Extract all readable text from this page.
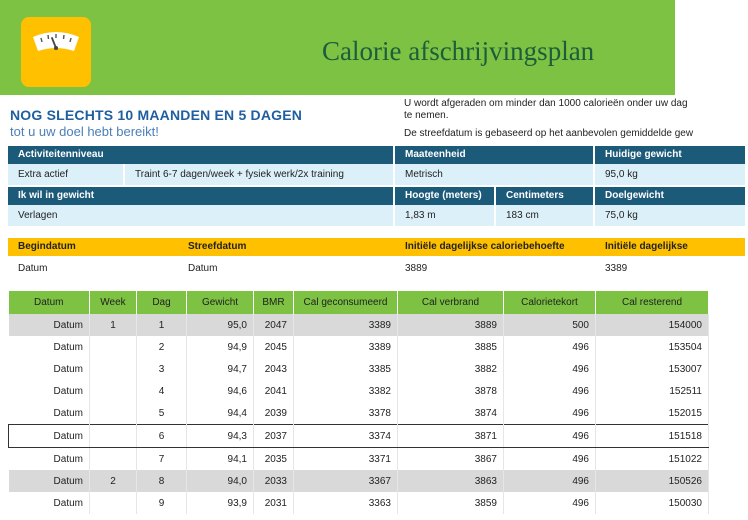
Calorie afschrijvingsplan
NOG SLECHTS 10 MAANDEN EN 5 DAGEN
tot u uw doel hebt bereikt!
U wordt afgeraden om minder dan 1000 calorieën onder uw dag
te nemen.
De streefdatum is gebaseerd op het aanbevolen gemiddelde gew
Activiteitenniveau	Maateenheid	Huidige gewicht
Extra actief	Traint 6-7 dagen/week + fysiek werk/2x training	Metrisch	95,0 kg
Ik wil in gewicht	Hoogte (meters)	Centimeters	Doelgewicht
Verlagen	1,83 m	183 cm	75,0 kg
Begindatum	Streefdatum	Initiële dagelijkse caloriebehoefte	Initiële dagelijkse
Datum	Datum	3889	3389
Datum	Week	Dag	Gewicht	BMR	Cal geconsumeerd	Cal verbrand	Calorietekort	Cal resterend
Datum	1	1	95,0	2047	3389	3889	500	154000
Datum		2	94,9	2045	3389	3885	496	153504
Datum		3	94,7	2043	3385	3882	496	153007
Datum		4	94,6	2041	3382	3878	496	152511
Datum		5	94,4	2039	3378	3874	496	152015
Datum		6	94,3	2037	3374	3871	496	151518
Datum		7	94,1	2035	3371	3867	496	151022
Datum	2	8	94,0	2033	3367	3863	496	150526
Datum		9	93,9	2031	3363	3859	496	150030
